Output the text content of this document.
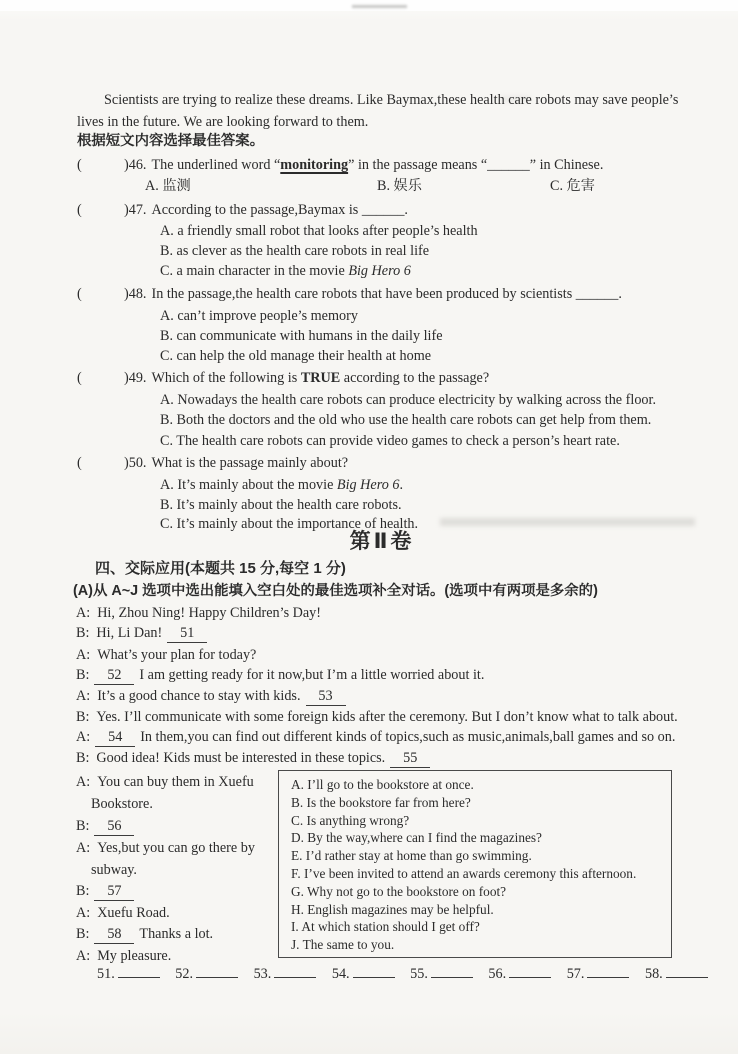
Scientists are trying to realize these dreams. Like Baymax,these health care robots may save people’s
lives in the future. We are looking forward to them.
根据短文内容选择最佳答案。
(	)46. The underlined word “monitoring” in the passage means “______” in Chinese.
A. 监测	B. 娱乐	C. 危害
(	)47. According to the passage,Baymax is ______.
A. a friendly small robot that looks after people’s health
B. as clever as the health care robots in real life
C. a main character in the movie Big Hero 6
(	)48. In the passage,the health care robots that have been produced by scientists ______.
A. can’t improve people’s memory
B. can communicate with humans in the daily life
C. can help the old manage their health at home
(	)49. Which of the following is TRUE according to the passage?
A. Nowadays the health care robots can produce electricity by walking across the floor.
B. Both the doctors and the old who use the health care robots can get help from them.
C. The health care robots can provide video games to check a person’s heart rate.
(	)50. What is the passage mainly about?
A. It’s mainly about the movie Big Hero 6.
B. It’s mainly about the health care robots.
C. It’s mainly about the importance of health.
第Ⅱ卷
四、交际应用(本题共 15 分,每空 1 分)
(A)从 A~J 选项中选出能填入空白处的最佳选项补全对话。(选项中有两项是多余的)
A: Hi, Zhou Ning! Happy Children’s Day!
B: Hi, Li Dan! 51
A: What’s your plan for today?
B: 52 I am getting ready for it now,but I’m a little worried about it.
A: It’s a good chance to stay with kids. 53
B: Yes. I’ll communicate with some foreign kids after the ceremony. But I don’t know what to talk about.
A: 54 In them,you can find out different kinds of topics,such as music,animals,ball games and so on.
B: Good idea! Kids must be interested in these topics. 55
A: You can buy them in Xuefu
Bookstore.
B: 56
A: Yes,but you can go there by
subway.
B: 57
A: Xuefu Road.
B: 58 Thanks a lot.
A: My pleasure.
A. I’ll go to the bookstore at once.
B. Is the bookstore far from here?
C. Is anything wrong?
D. By the way,where can I find the magazines?
E. I’d rather stay at home than go swimming.
F. I’ve been invited to attend an awards ceremony this afternoon.
G. Why not go to the bookstore on foot?
H. English magazines may be helpful.
I. At which station should I get off?
J. The same to you.
51.	52.	53.	54.	55.	56.	57.	58.
